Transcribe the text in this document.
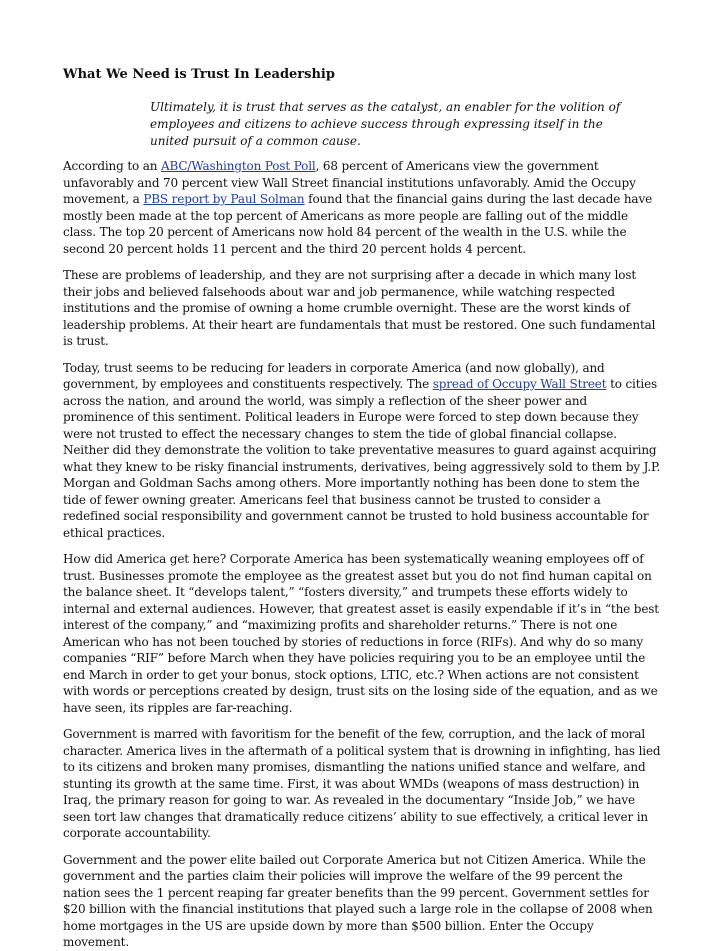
What We Need is Trust In Leadership
Ultimately, it is trust that serves as the catalyst, an enabler for the volition of employees and citizens to achieve success through expressing itself in the united pursuit of a common cause.

According to an ABC/Washington Post Poll, 68 percent of Americans view the government unfavorably and 70 percent view Wall Street financial institutions unfavorably. Amid the Occupy movement, a PBS report by Paul Solman found that the financial gains during the last decade have mostly been made at the top percent of Americans as more people are falling out of the middle class. The top 20 percent of Americans now hold 84 percent of the wealth in the U.S. while the second 20 percent holds 11 percent and the third 20 percent holds 4 percent.

These are problems of leadership, and they are not surprising after a decade in which many lost their jobs and believed falsehoods about war and job permanence, while watching respected institutions and the promise of owning a home crumble overnight. These are the worst kinds of leadership problems. At their heart are fundamentals that must be restored. One such fundamental is trust.

Today, trust seems to be reducing for leaders in corporate America (and now globally), and government, by employees and constituents respectively. The spread of Occupy Wall Street to cities across the nation, and around the world, was simply a reflection of the sheer power and prominence of this sentiment. Political leaders in Europe were forced to step down because they were not trusted to effect the necessary changes to stem the tide of global financial collapse. Neither did they demonstrate the volition to take preventative measures to guard against acquiring what they knew to be risky financial instruments, derivatives, being aggressively sold to them by J.P. Morgan and Goldman Sachs among others. More importantly nothing has been done to stem the tide of fewer owning greater. Americans feel that business cannot be trusted to consider a redefined social responsibility and government cannot be trusted to hold business accountable for ethical practices.

How did America get here? Corporate America has been systematically weaning employees off of trust. Businesses promote the employee as the greatest asset but you do not find human capital on the balance sheet. It “develops talent,” “fosters diversity,” and trumpets these efforts widely to internal and external audiences. However, that greatest asset is easily expendable if it’s in “the best interest of the company,” and “maximizing profits and shareholder returns.” There is not one American who has not been touched by stories of reductions in force (RIFs). And why do so many companies “RIF” before March when they have policies requiring you to be an employee until the end March in order to get your bonus, stock options, LTIC, etc.? When actions are not consistent with words or perceptions created by design, trust sits on the losing side of the equation, and as we have seen, its ripples are far-reaching.

Government is marred with favoritism for the benefit of the few, corruption, and the lack of moral character. America lives in the aftermath of a political system that is drowning in infighting, has lied to its citizens and broken many promises, dismantling the nations unified stance and welfare, and stunting its growth at the same time. First, it was about WMDs (weapons of mass destruction) in Iraq, the primary reason for going to war. As revealed in the documentary “Inside Job,” we have seen tort law changes that dramatically reduce citizens’ ability to sue effectively, a critical lever in corporate accountability.

Government and the power elite bailed out Corporate America but not Citizen America. While the government and the parties claim their policies will improve the welfare of the 99 percent the nation sees the 1 percent reaping far greater benefits than the 99 percent. Government settles for $20 billion with the financial institutions that played such a large role in the collapse of 2008 when home mortgages in the US are upside down by more than $500 billion. Enter the Occupy movement.
